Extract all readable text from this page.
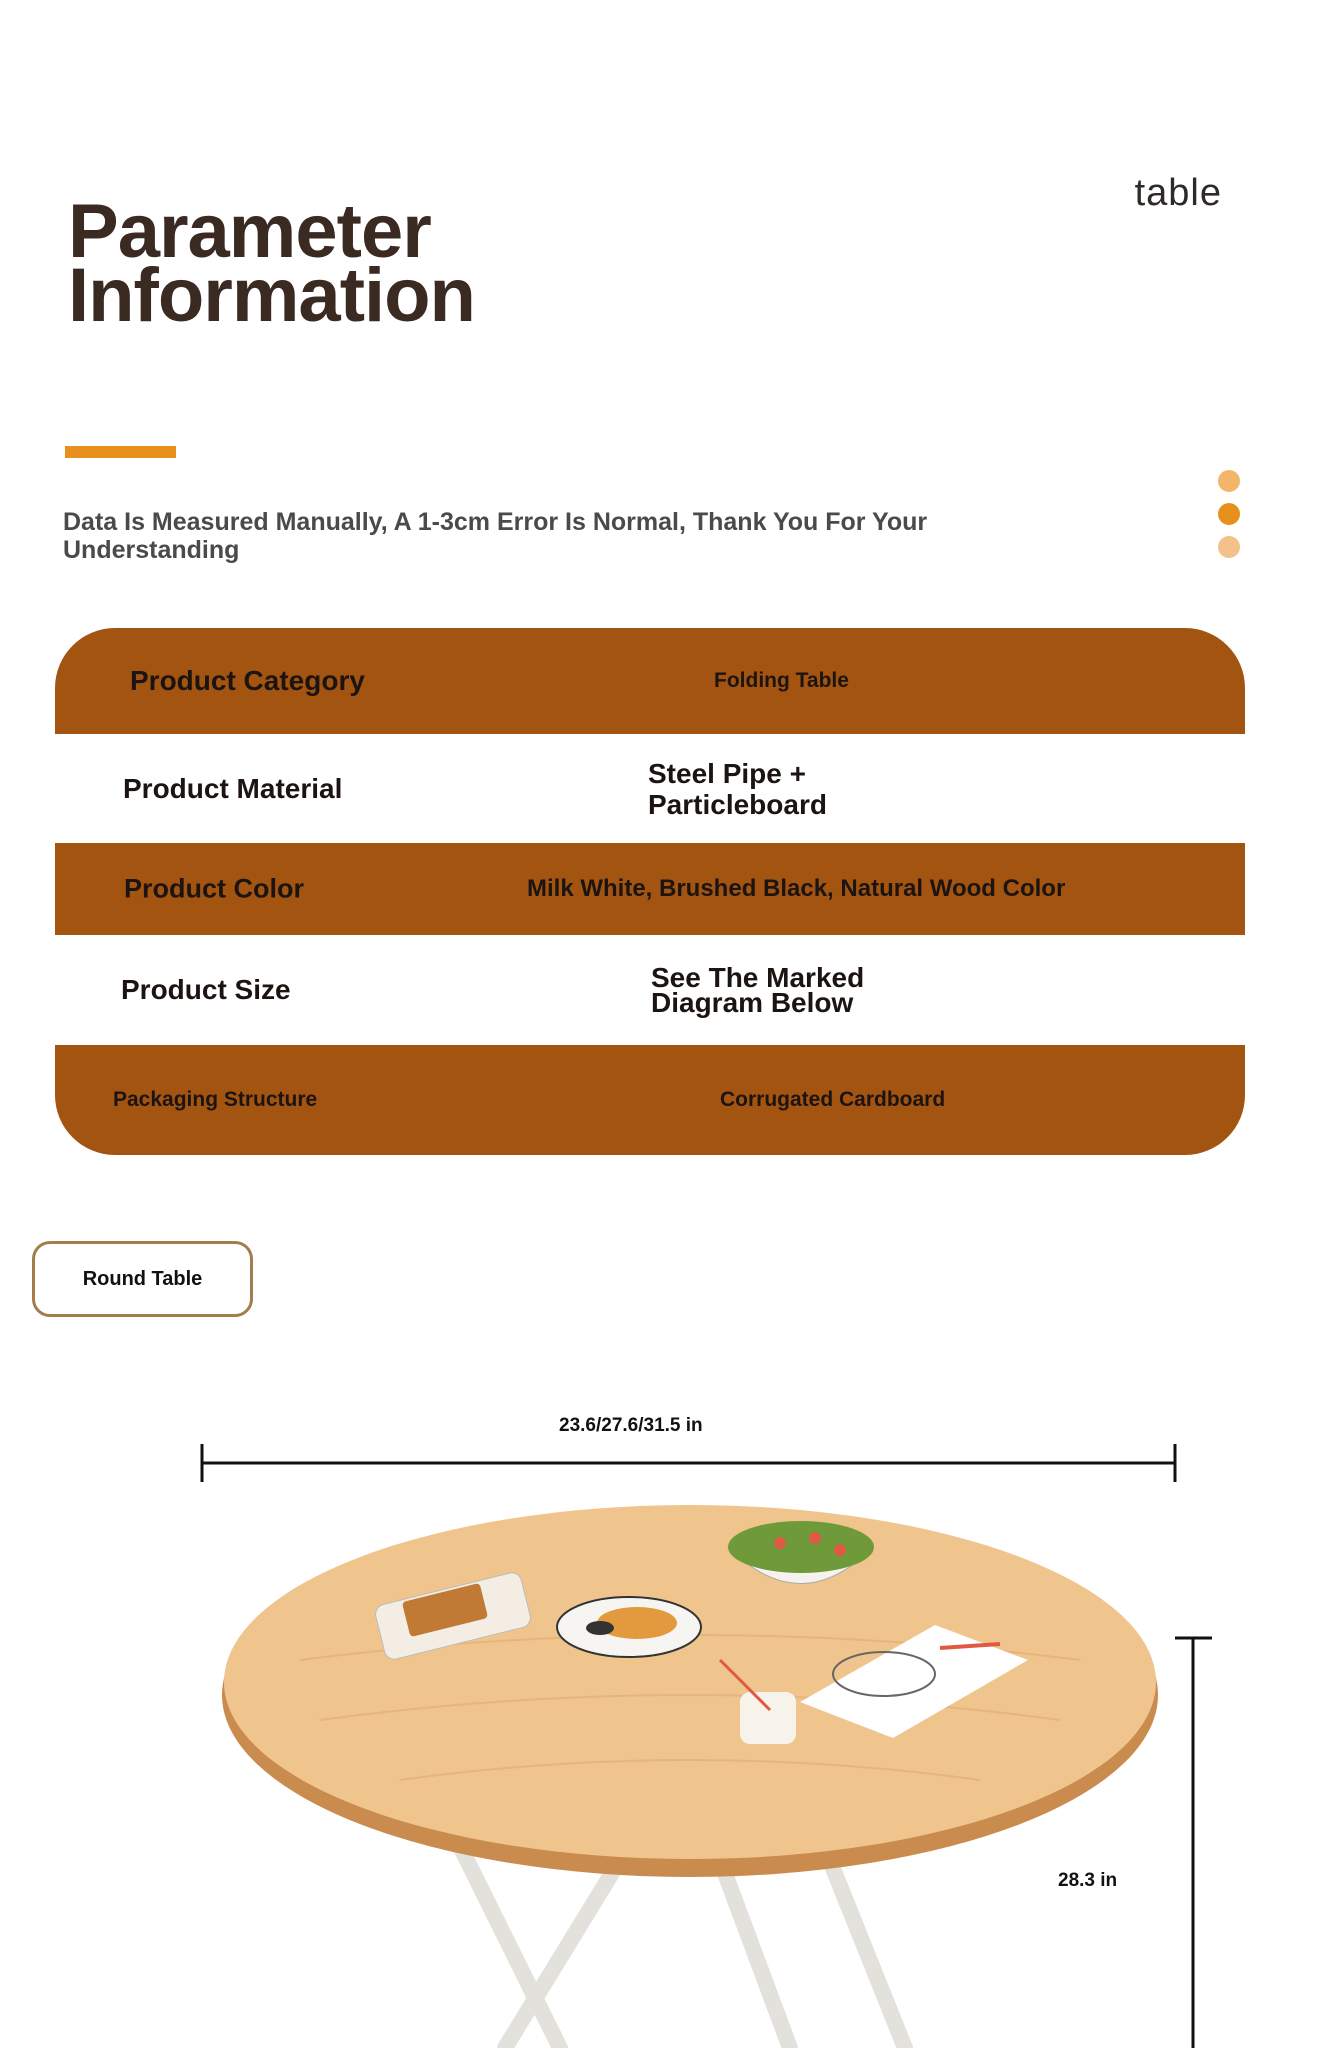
table
Parameter
Information

Data Is Measured Manually, A 1-3cm Error Is Normal, Thank You For Your Understanding

Product Category	Folding Table
Product Material	Steel Pipe + Particleboard
Product Color	Milk White, Brushed Black, Natural Wood Color
Product Size	See The Marked Diagram Below
Packaging Structure	Corrugated Cardboard
Round Table
23.6/27.6/31.5 in
28.3 in
